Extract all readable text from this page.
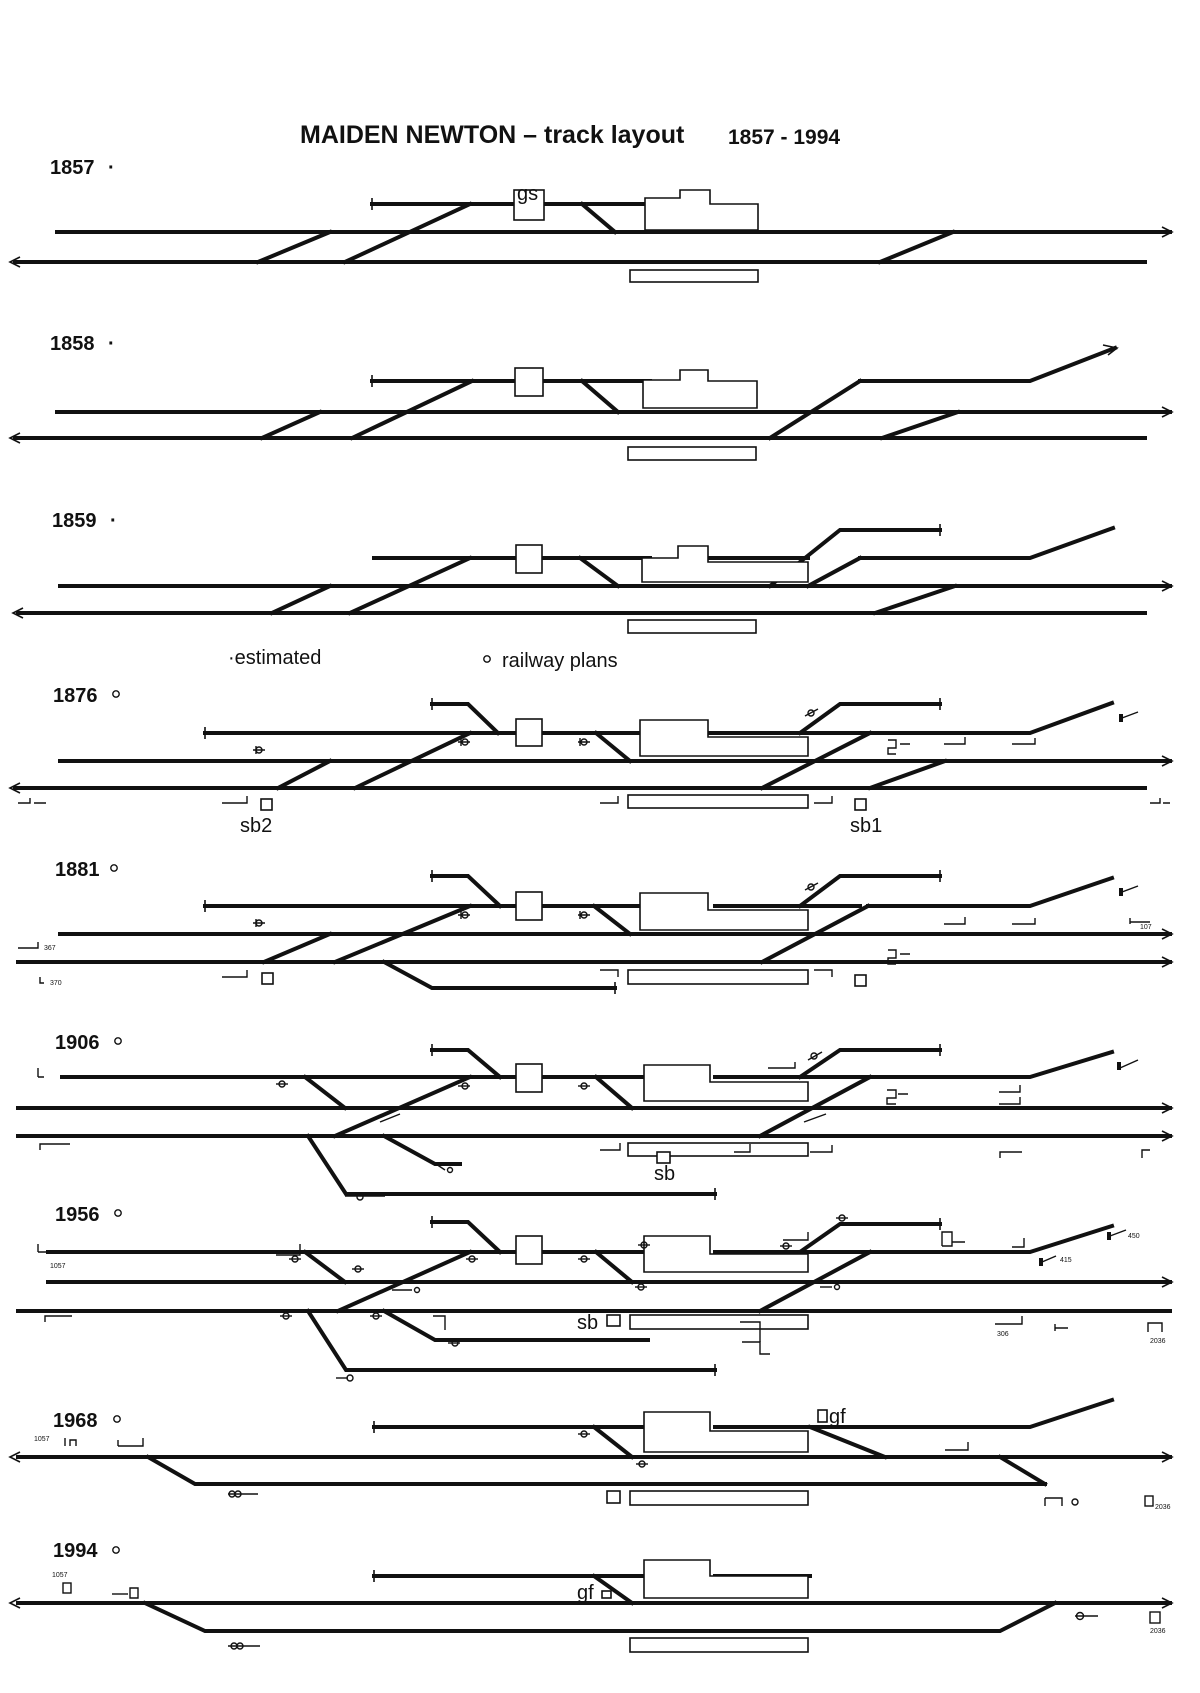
MAIDEN NEWTON – track layout 1857 - 1994
1857 ·
gs
1858 ·
1859 ·
·estimated	railway plans
1876
sb2	sb1
1881
367
370
107
1906
sb
1956
sb
1057
450
415
306
2036
1968	gf
1057
2036
1994
gf
1057
2036
